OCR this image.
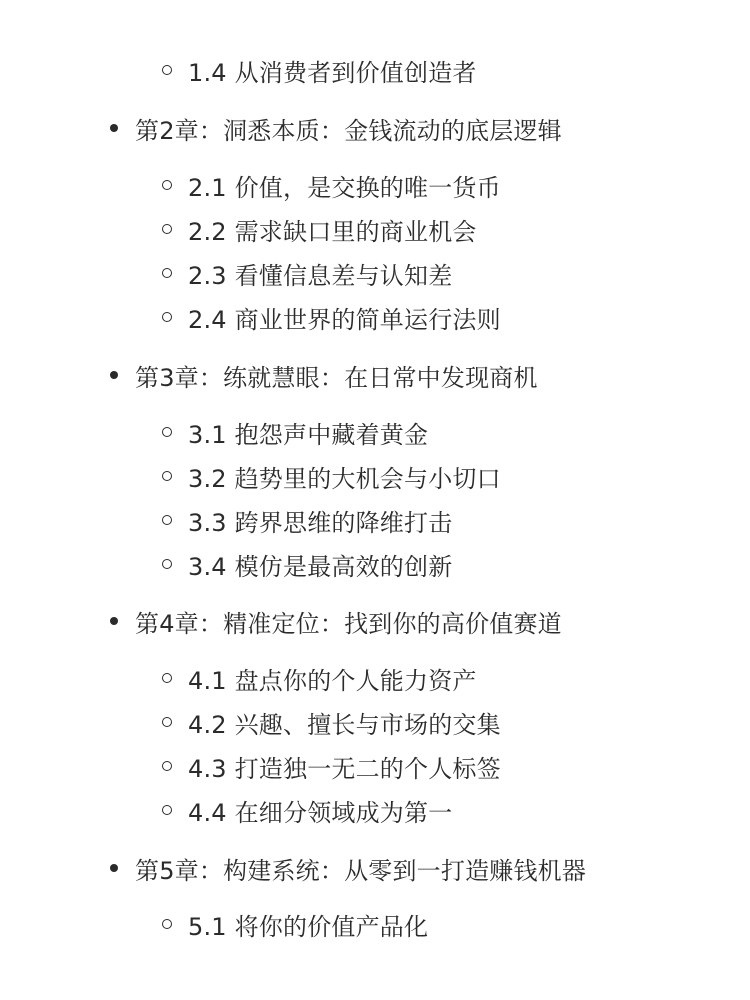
1.4 从消费者到价值创造者
第2章：洞悉本质：金钱流动的底层逻辑
2.1 价值，是交换的唯一货币
2.2 需求缺口里的商业机会
2.3 看懂信息差与认知差
2.4 商业世界的简单运行法则
第3章：练就慧眼：在日常中发现商机
3.1 抱怨声中藏着黄金
3.2 趋势里的大机会与小切口
3.3 跨界思维的降维打击
3.4 模仿是最高效的创新
第4章：精准定位：找到你的高价值赛道
4.1 盘点你的个人能力资产
4.2 兴趣、擅长与市场的交集
4.3 打造独一无二的个人标签
4.4 在细分领域成为第一
第5章：构建系统：从零到一打造赚钱机器
5.1 将你的价值产品化
